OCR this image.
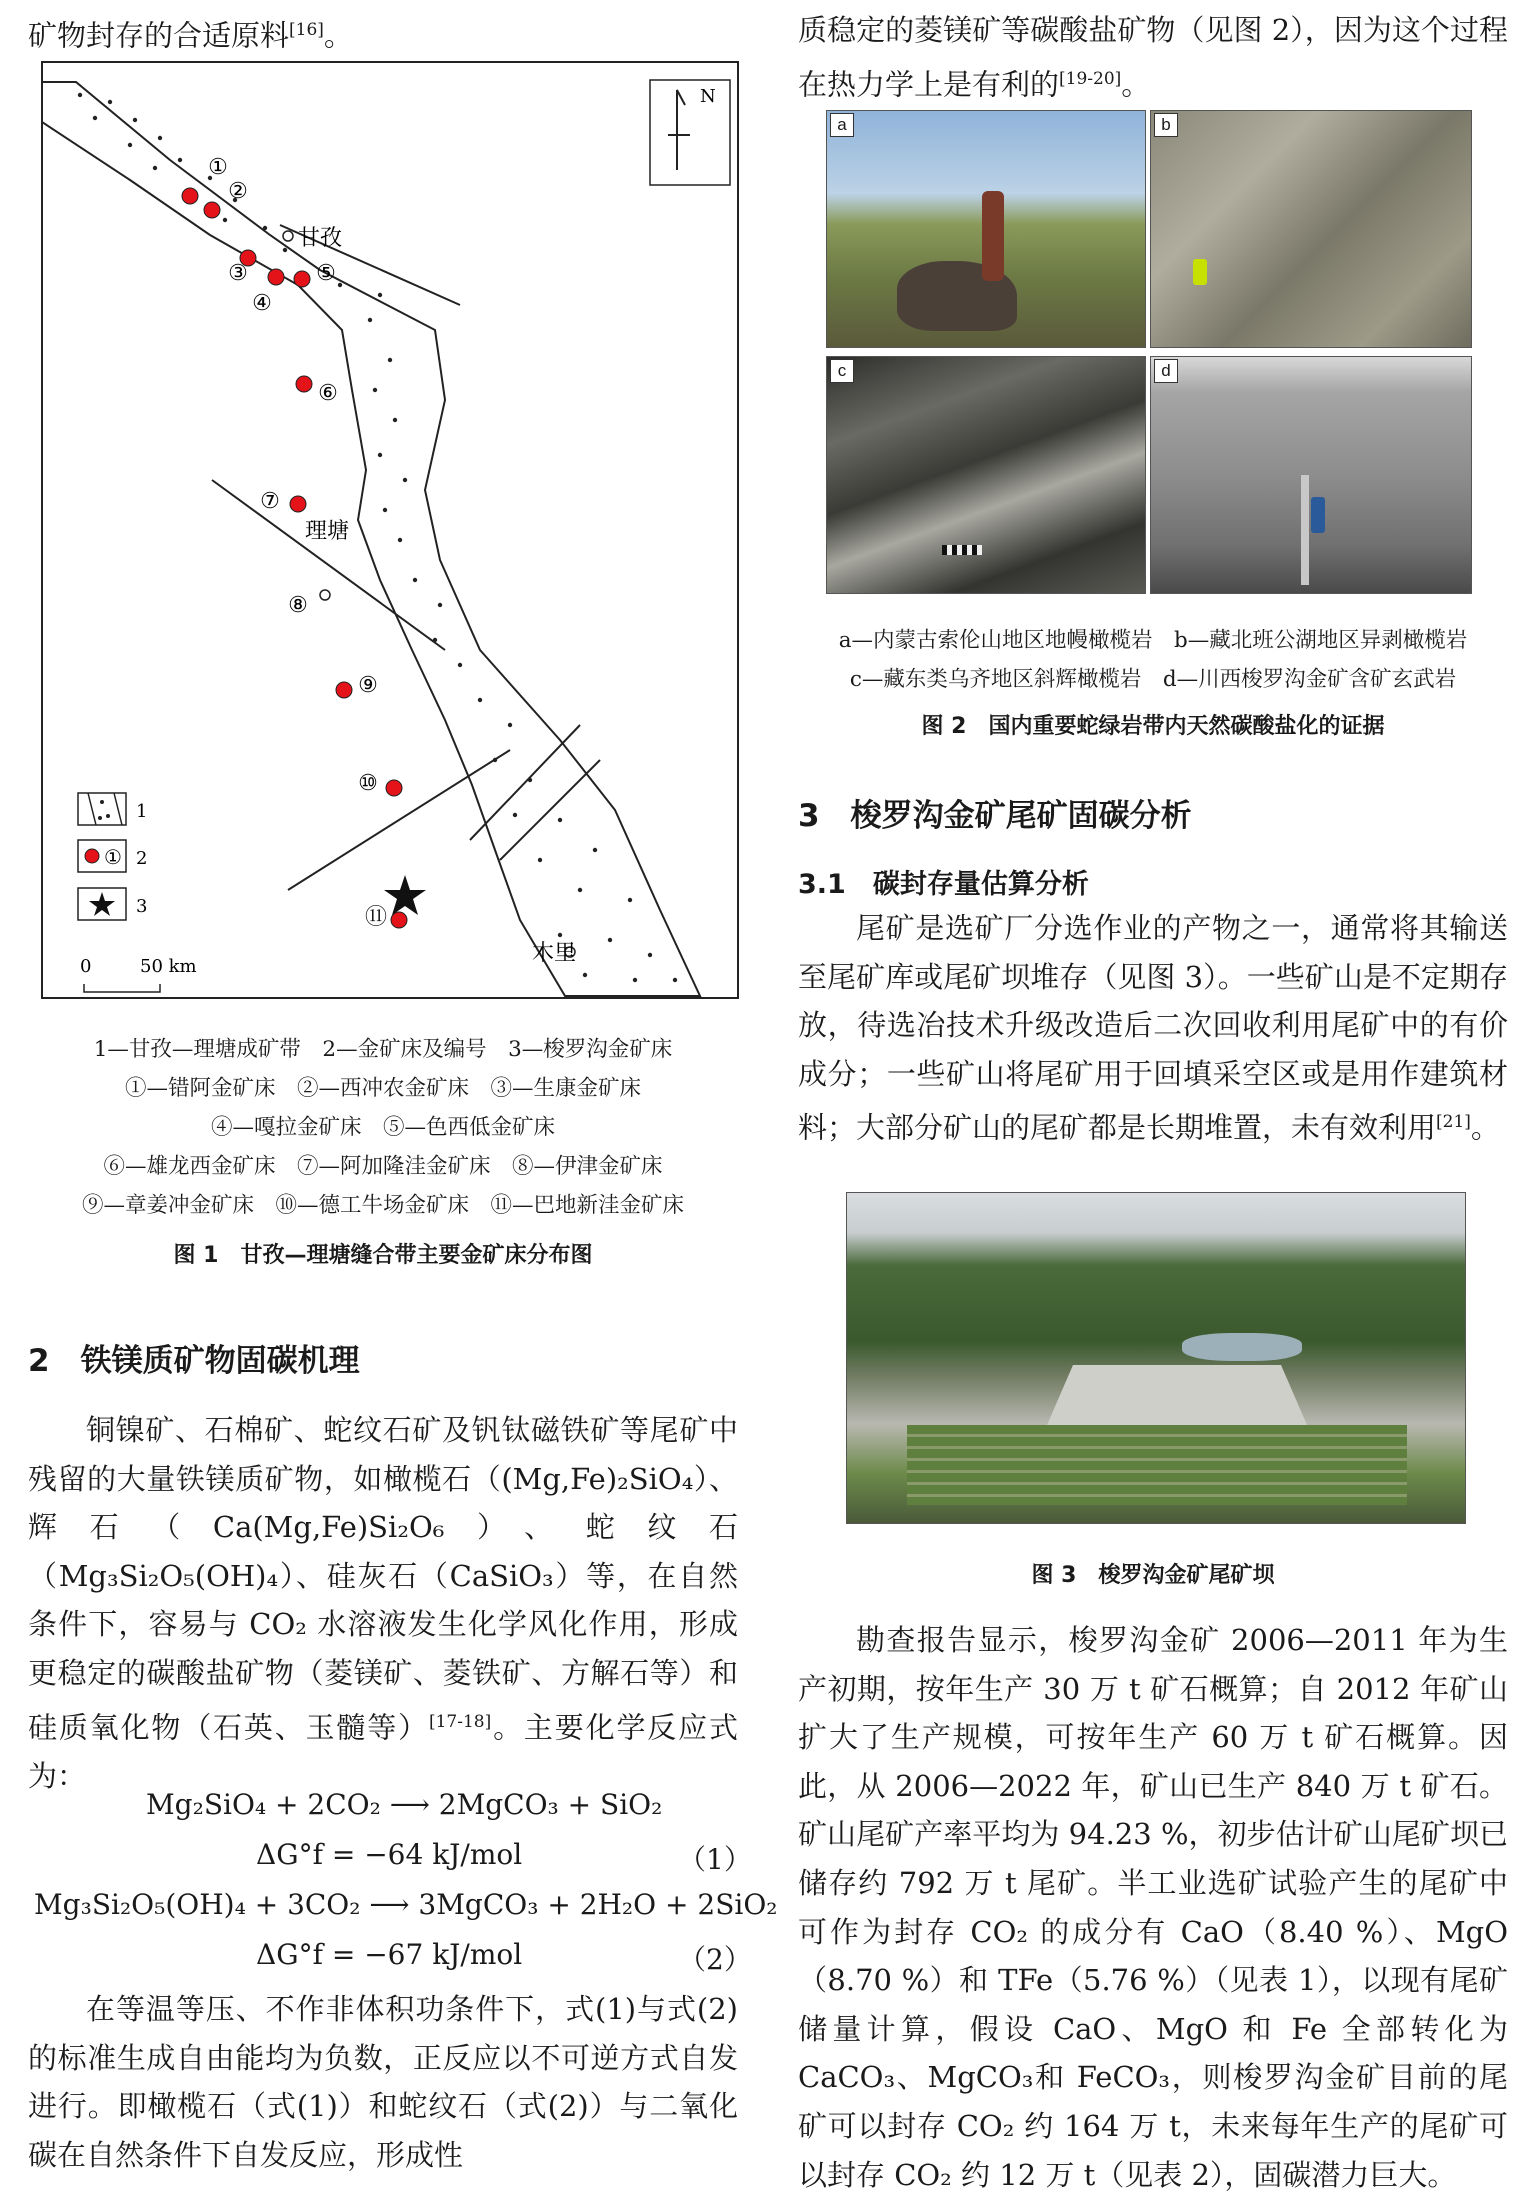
矿物封存的合适原料[16]。
N
甘孜
理塘
木里
①
②
③
④
⑤
⑥
⑦
⑧
⑨
⑩
⑪
1
① 2
3
0	50 km

1—甘孜—理塘成矿带　2—金矿床及编号　3—梭罗沟金矿床

①—错阿金矿床　②—西冲农金矿床　③—生康金矿床

④—嘎拉金矿床　⑤—色西低金矿床

⑥—雄龙西金矿床　⑦—阿加隆洼金矿床　⑧—伊津金矿床

⑨—章姜冲金矿床　⑩—德工牛场金矿床　⑪—巴地新洼金矿床

图 1　甘孜—理塘缝合带主要金矿床分布图

2　铁镁质矿物固碳机理

铜镍矿、石棉矿、蛇纹石矿及钒钛磁铁矿等尾矿中残留的大量铁镁质矿物，如橄榄石（(Mg,Fe)₂SiO₄）、辉石（Ca(Mg,Fe)Si₂O₆）、蛇纹石（Mg₃Si₂O₅(OH)₄）、硅灰石（CaSiO₃）等，在自然条件下，容易与 CO₂ 水溶液发生化学风化作用，形成更稳定的碳酸盐矿物（菱镁矿、菱铁矿、方解石等）和硅质氧化物（石英、玉髓等）[17-18]。主要化学反应式为：
Mg₂SiO₄ + 2CO₂ ⟶ 2MgCO₃ + SiO₂
ΔG°f = −64 kJ/mol	（1）
Mg₃Si₂O₅(OH)₄ + 3CO₂ ⟶ 3MgCO₃ + 2H₂O + 2SiO₂
ΔG°f = −67 kJ/mol	（2）
在等温等压、不作非体积功条件下，式(1)与式(2)的标准生成自由能均为负数，正反应以不可逆方式自发进行。即橄榄石（式(1)）和蛇纹石（式(2)）与二氧化碳在自然条件下自发反应，形成性
质稳定的菱镁矿等碳酸盐矿物（见图 2），因为这个过程在热力学上是有利的[19-20]。
a	b
c	d

a—内蒙古索伦山地区地幔橄榄岩　b—藏北班公湖地区异剥橄榄岩

c—藏东类乌齐地区斜辉橄榄岩　d—川西梭罗沟金矿含矿玄武岩

图 2　国内重要蛇绿岩带内天然碳酸盐化的证据

3　梭罗沟金矿尾矿固碳分析

3.1　碳封存量估算分析

尾矿是选矿厂分选作业的产物之一，通常将其输送至尾矿库或尾矿坝堆存（见图 3）。一些矿山是不定期存放，待选冶技术升级改造后二次回收利用尾矿中的有价成分；一些矿山将尾矿用于回填采空区或是用作建筑材料；大部分矿山的尾矿都是长期堆置，未有效利用[21]。

图 3　梭罗沟金矿尾矿坝

勘查报告显示，梭罗沟金矿 2006—2011 年为生产初期，按年生产 30 万 t 矿石概算；自 2012 年矿山扩大了生产规模，可按年生产 60 万 t 矿石概算。因此，从 2006—2022 年，矿山已生产 840 万 t 矿石。矿山尾矿产率平均为 94.23 %，初步估计矿山尾矿坝已储存约 792 万 t 尾矿。半工业选矿试验产生的尾矿中可作为封存 CO₂ 的成分有 CaO（8.40 %）、MgO（8.70 %）和 TFe（5.76 %）（见表 1），以现有尾矿储量计算，假设 CaO、MgO 和 Fe 全部转化为 CaCO₃、MgCO₃和 FeCO₃，则梭罗沟金矿目前的尾矿可以封存 CO₂ 约 164 万 t，未来每年生产的尾矿可以封存 CO₂ 约 12 万 t（见表 2），固碳潜力巨大。
